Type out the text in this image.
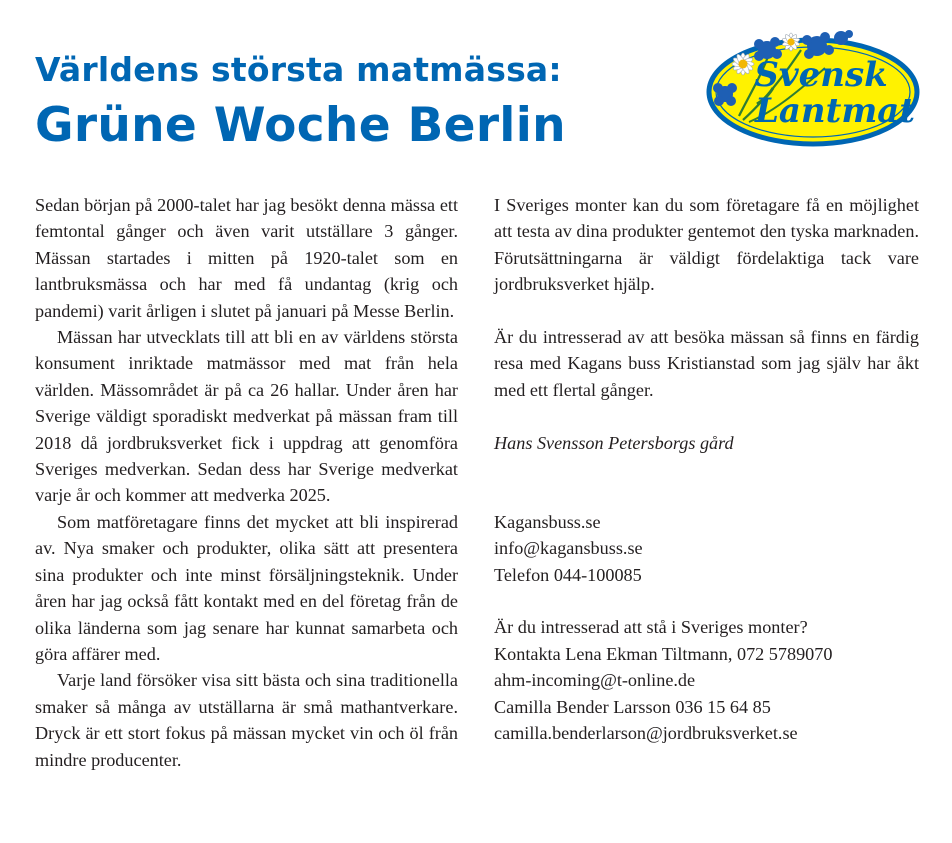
Världens största matmässa:
Grüne Woche Berlin
Svensk
Lantmat

Sedan början på 2000-talet har jag besökt denna mässa ett femtontal gånger och även varit utställare 3 gånger. Mässan startades i mitten på 1920-talet som en lantbruksmässa och har med få undantag (krig och pandemi) varit årligen i slutet på januari på Messe Berlin.

Mässan har utvecklats till att bli en av världens största konsument inriktade matmässor med mat från hela världen. Mässområdet är på ca 26 hallar. Under åren har Sverige väldigt sporadiskt medverkat på mässan fram till 2018 då jordbruksverket fick i uppdrag att genomföra Sveriges medverkan. Sedan dess har Sverige medverkat varje år och kommer att medverka 2025.

Som matföretagare finns det mycket att bli inspirerad av. Nya smaker och produkter, olika sätt att presentera sina produkter och inte minst försäljningsteknik. Under åren har jag också fått kontakt med en del företag från de olika länderna som jag senare har kunnat samarbeta och göra affärer med.

Varje land försöker visa sitt bästa och sina traditionella smaker så många av utställarna är små mathantverkare. Dryck är ett stort fokus på mässan mycket vin och öl från mindre producenter.

I Sveriges monter kan du som företagare få en möjlighet att testa av dina produkter gentemot den tyska marknaden. Förutsättningarna är väldigt fördelaktiga tack vare jordbruksverket hjälp.

Är du intresserad av att besöka mässan så finns en färdig resa med Kagans buss Kristianstad som jag själv har åkt med ett flertal gånger.

Hans Svensson Petersborgs gård

Kagansbuss.se

info@kagansbuss.se

Telefon 044-100085

Är du intresserad att stå i Sveriges monter?

Kontakta Lena Ekman Tiltmann, 072 5789070

ahm-incoming@t-online.de

Camilla Bender Larsson 036 15 64 85

camilla.benderlarson@jordbruksverket.se
